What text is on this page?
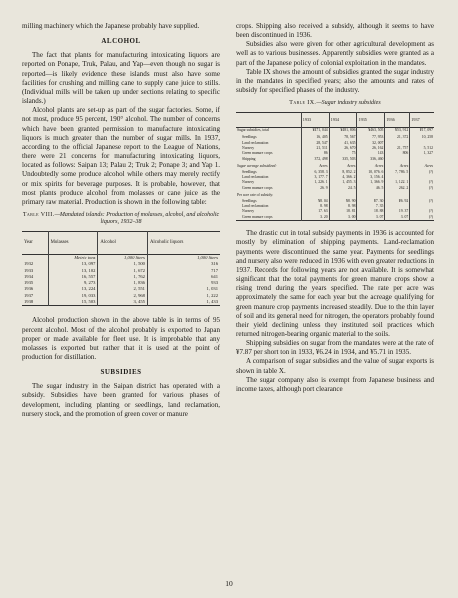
milling machinery which the Japanese probably have supplied.

ALCOHOL

The fact that plants for manufacturing intoxicating liquors are reported on Ponape, Truk, Palau, and Yap—even though no sugar is reported—is likely evidence these islands must also have some facilities for crushing and milling cane to supply cane juice to stills. (Individual mills will be taken up under sections relating to specific islands.)

Alcohol plants are set-up as part of the sugar factories. Some, if not most, produce 95 percent, 190° alcohol. The number of concerns which have been granted permission to manufacture intoxicating liquors is much greater than the number of sugar mills. In 1937, according to the official Japanese report to the League of Nations, there were 21 concerns for manufacturing intoxicating liquors, located as follows: Saipan 13; Palau 2; Truk 2; Ponape 3; and Yap 1. Undoubtedly some produce alcohol while others may merely rectify or mix spirits for beverage purposes. It is probable, however, that most plants produce alcohol from molasses or cane juice as the primary raw material. Production is shown in the following table:

Table VIII.—Mandated islands: Production of molasses, alcohol, and alcoholic liquors, 1932–38
Year	Molasses	Alcohol	Alcoholic liquors
	Metric tons	1,000 liters	1,000 liters
1932	13, 097	1, 500	316
1933	13, 102	1, 672	717
1934	16, 557	1, 762	641
1935	9, 273	1, 836	933
1936	13, 224	2, 551	1, 031
1937	19, 033	2, 968	1, 222
1938	15, 503	3, 455	1, 433

Alcohol production shown in the above table is in terms of 95 percent alcohol. Most of the alcohol probably is exported to Japan proper or made available for fleet use. It is improbable that any molasses is exported but rather that it is used at the point of production for distillation.

SUBSIDIES

The sugar industry in the Saipan district has operated with a subsidy. Subsidies have been granted for various phases of development, including planting or seedlings, land reclamation, nursery stock, and the promotion of green cover or manure

crops. Shipping also received a subsidy, although it seems to have been discontinued in 1936.

Subsidies also were given for other agricultural development as well as to various businesses. Apparently subsidies were granted as a part of the Japanese policy of colonial exploitation in the mandates.

Table IX shows the amount of subsidies granted the sugar industry in the mandates in specified years; also the amounts and rates of subsidy for specified phases of the industry.

Table IX.—Sugar industry subsidies
	1933	1934	1935	1936	1937
Sugar subsidies, total	¥471, 044	¥481, 806	¥463, 505	¥53, 912	¥17, 097
Seedlings	16, 405	78, 567	77, 953	21, 372	10, 258
Land reclamation	28, 547	41, 635	32, 007		
Nursery	21, 511	26, 670	26, 162	21, 757	5, 512
Green manure crops	86	75	143	806	1, 327
Shipping	372, 498	335, 503	336, 460		
Sugar acreage subsidized:	Acres	Acres	Acres	Acres	Acres
Seedlings	6, 358. 3	8, 852. 2	10, 076. 6	7, 786. 5	(?)
Land reclamation	3, 177. 7	4, 366. 2	3, 156. 4		
Nursery	1, 226. 1	1, 455. 3	1, 366. 9	1, 122. 1	(?)
Green manure crops	26. 9	24. 5	46. 5	262. 2	(?)
Per acre rate of subsidy:					
Seedlings	¥8. 04	¥8. 90	¥7. 30	¥6. 92	(?)
Land reclamation	8. 98	8. 98	7. 35		
Nursery	17. 63	18. 81	18. 88	19. 37	(?)
Green manure crops	3. 20	3. 00	3. 07	3. 07	(?)

The drastic cut in total subsidy payments in 1936 is accounted for mostly by elimination of shipping payments. Land-reclamation payments were discontinued the same year. Payments for seedlings and nursery also were reduced in 1936 with even greater reductions in 1937. Records for following years are not available. It is somewhat significant that the total payments for green manure crops show a rising trend during the years specified. The rate per acre was approximately the same for each year but the acreage qualifying for green manure crop payments increased steadily. Due to the thin layer of soil and its general need for nitrogen, the operators probably found their yield declining unless they instituted soil practices which returned nitrogen-bearing organic material to the soils.

Shipping subsidies on sugar from the mandates were at the rate of ¥7.87 per short ton in 1933, ¥6.24 in 1934, and ¥5.71 in 1935.

A comparison of sugar subsidies and the value of sugar exports is shown in table X.

The sugar company also is exempt from Japanese business and income taxes, although port clearance

10
